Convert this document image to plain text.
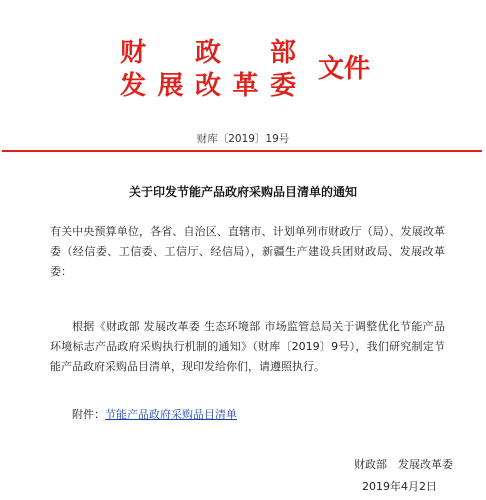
财 政 部
发 展 改 革 委
文件
财库〔2019〕19号
关于印发节能产品政府采购品目清单的通知
有关中央预算单位，各省、自治区、直辖市、计划单列市财政厅（局）、发展改革委（经信委、工信委、工信厅、经信局），新疆生产建设兵团财政局、发展改革委：
根据《财政部 发展改革委 生态环境部 市场监管总局关于调整优化节能产品环境标志产品政府采购执行机制的通知》（财库〔2019〕9号），我们研究制定节能产品政府采购品目清单，现印发给你们，请遵照执行。
附件：节能产品政府采购品目清单
财政部　发展改革委
2019年4月2日
